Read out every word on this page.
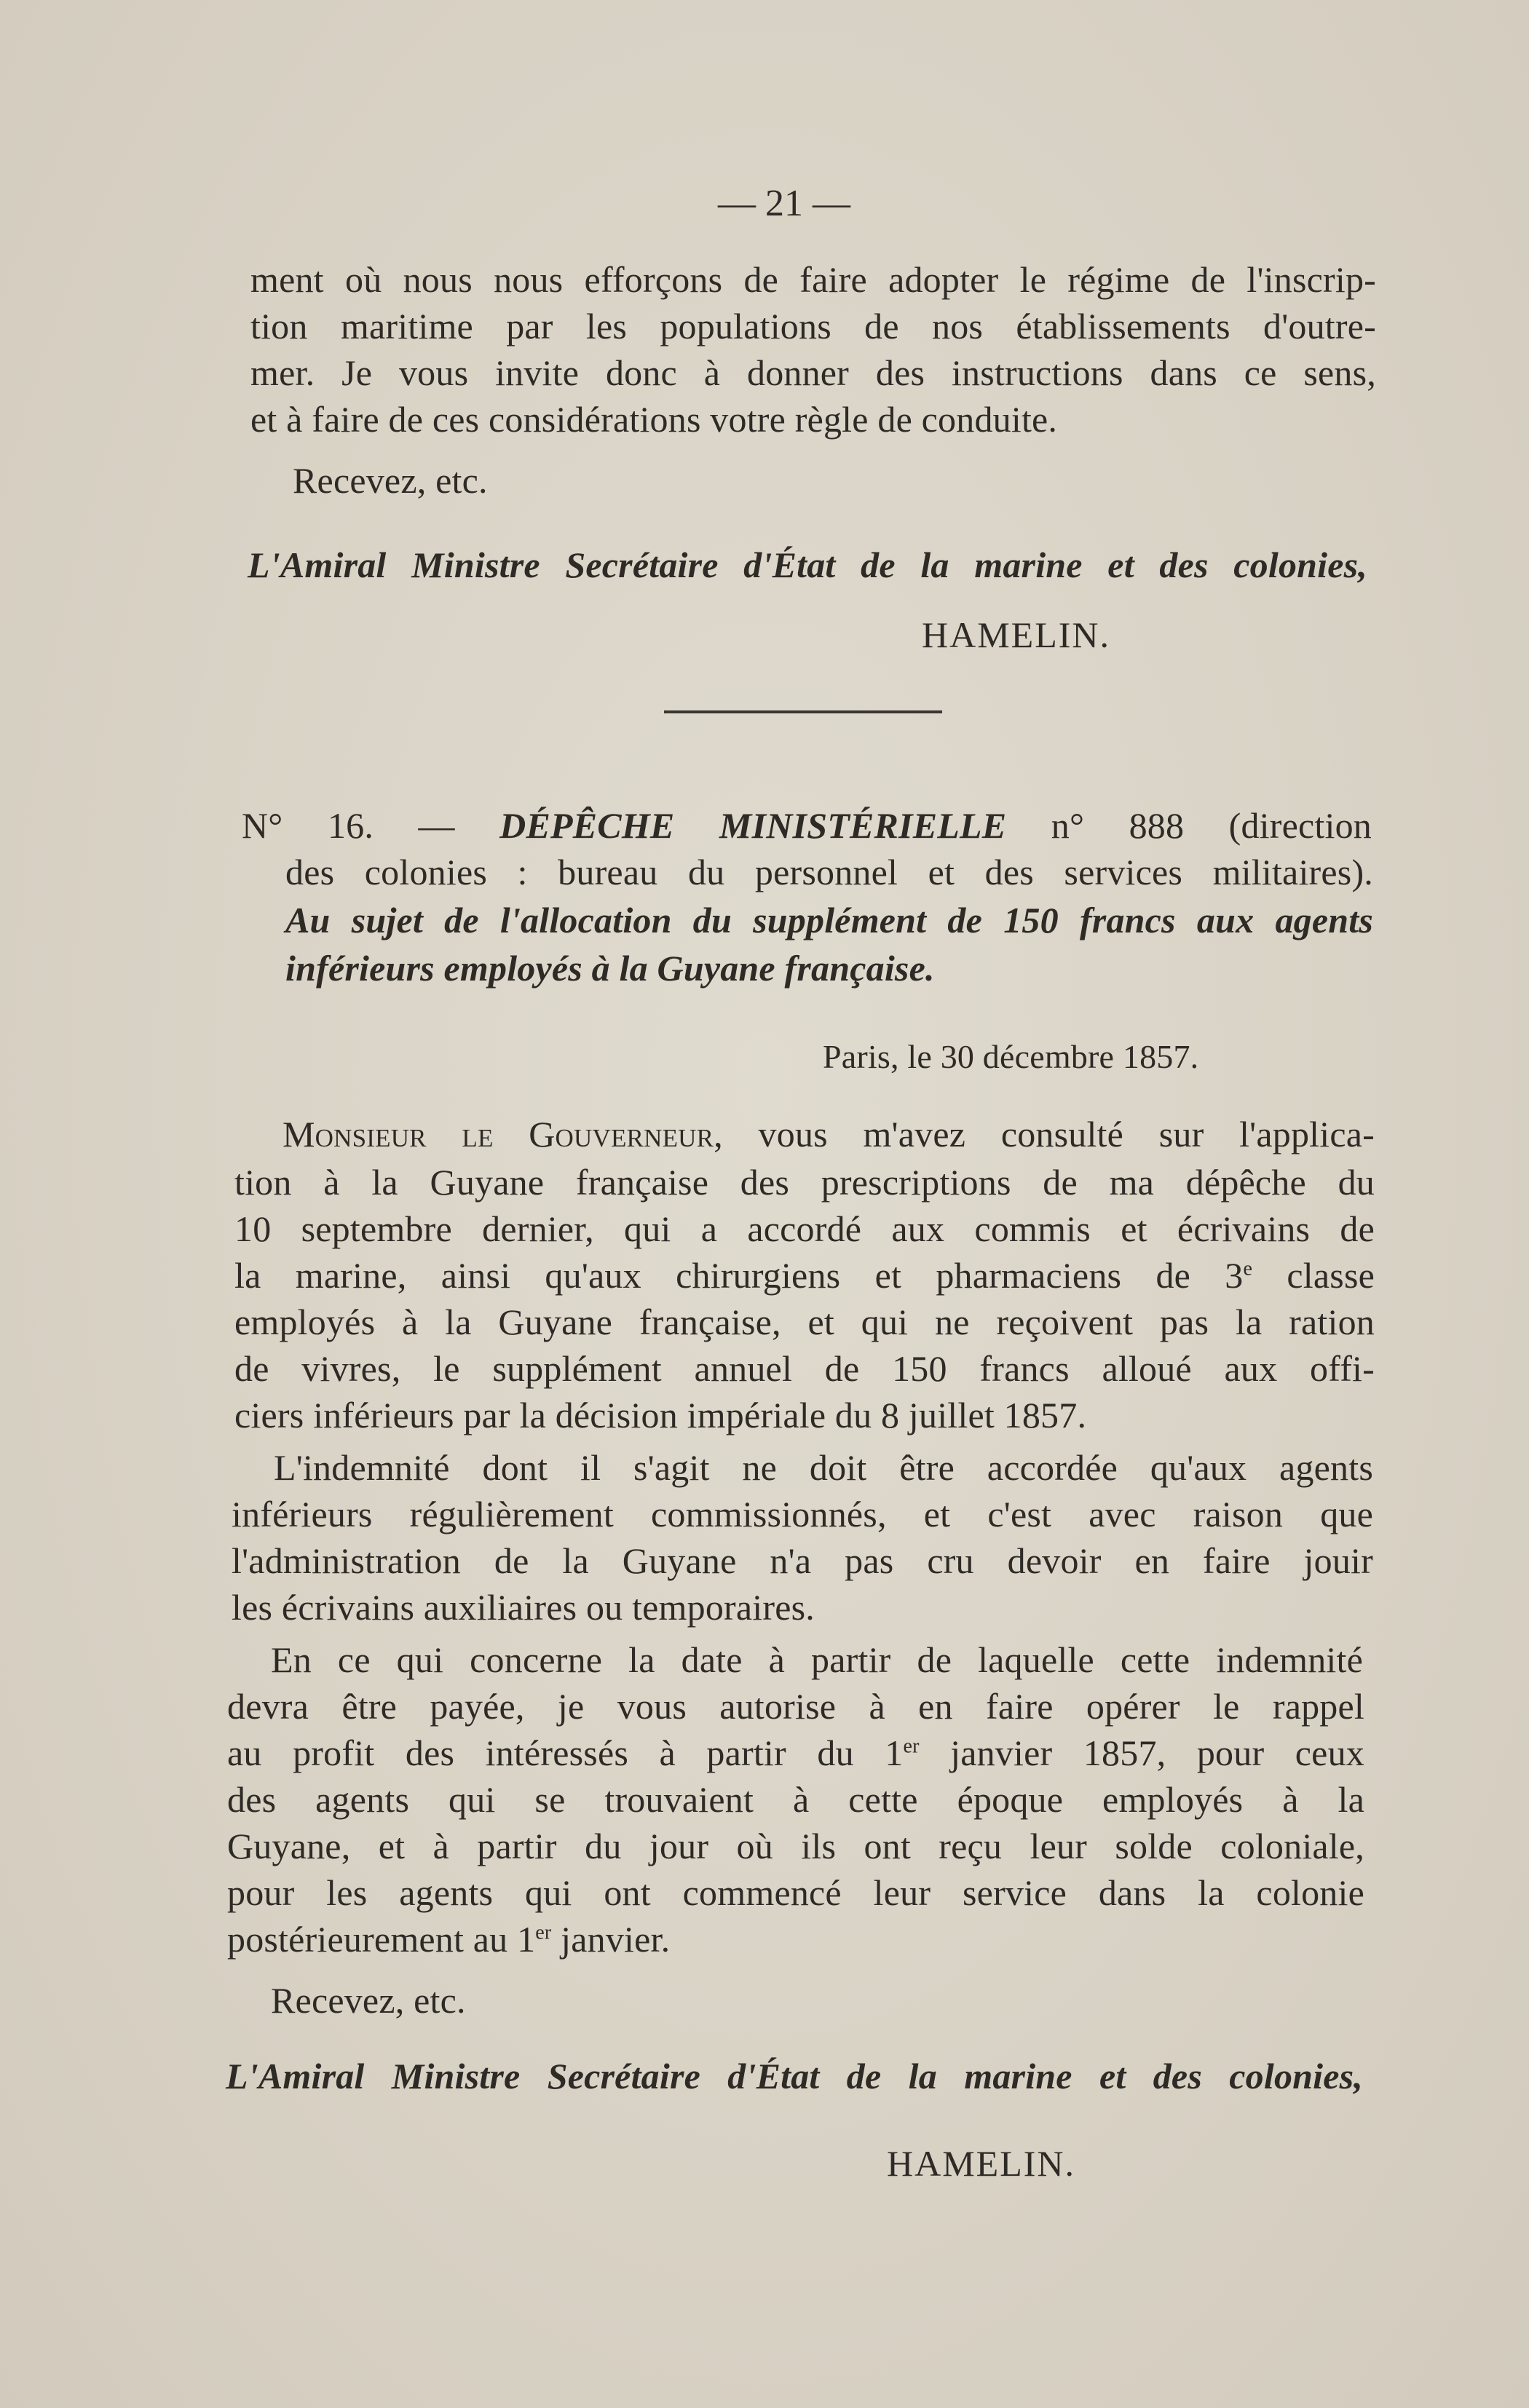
— 21 —
ment où nous nous efforçons de faire adopter le régime de l'inscrip-
tion maritime par les populations de nos établissements d'outre-
mer. Je vous invite donc à donner des instructions dans ce sens,
et à faire de ces considérations votre règle de conduite.
Recevez, etc.
L'Amiral Ministre Secrétaire d'État de la marine et des colonies,
HAMELIN.
N° 16. — DÉPÊCHE MINISTÉRIELLE n° 888 (direction
des colonies : bureau du personnel et des services militaires).
Au sujet de l'allocation du supplément de 150 francs aux agents
inférieurs employés à la Guyane française.
Paris, le 30 décembre 1857.
Monsieur le Gouverneur, vous m'avez consulté sur l'applica-
tion à la Guyane française des prescriptions de ma dépêche du
10 septembre dernier, qui a accordé aux commis et écrivains de
la marine, ainsi qu'aux chirurgiens et pharmaciens de 3e classe
employés à la Guyane française, et qui ne reçoivent pas la ration
de vivres, le supplément annuel de 150 francs alloué aux offi-
ciers inférieurs par la décision impériale du 8 juillet 1857.
L'indemnité dont il s'agit ne doit être accordée qu'aux agents
inférieurs régulièrement commissionnés, et c'est avec raison que
l'administration de la Guyane n'a pas cru devoir en faire jouir
les écrivains auxiliaires ou temporaires.
En ce qui concerne la date à partir de laquelle cette indemnité
devra être payée, je vous autorise à en faire opérer le rappel
au profit des intéressés à partir du 1er janvier 1857, pour ceux
des agents qui se trouvaient à cette époque employés à la
Guyane, et à partir du jour où ils ont reçu leur solde coloniale,
pour les agents qui ont commencé leur service dans la colonie
postérieurement au 1er janvier.
Recevez, etc.
L'Amiral Ministre Secrétaire d'État de la marine et des colonies,
HAMELIN.
